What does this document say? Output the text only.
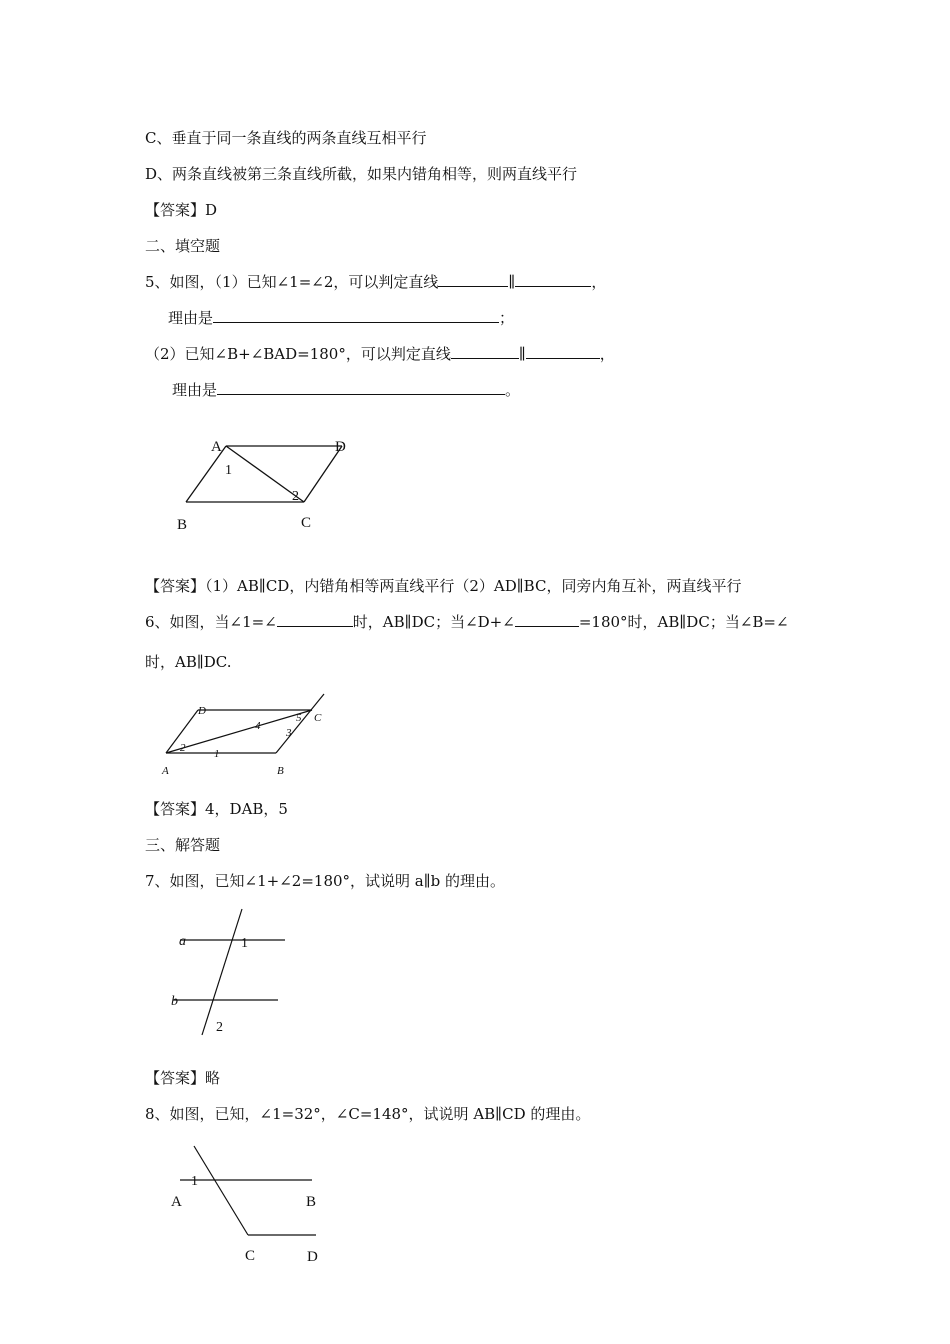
C、垂直于同一条直线的两条直线互相平行
D、两条直线被第三条直线所截，如果内错角相等，则两直线平行
【答案】D
二、填空题
5、如图，（1）已知∠1=∠2，可以判定直线	∥	，
理由是	；
（2）已知∠B+∠BAD=180°，可以判定直线	∥	，
理由是	。
A	D
1
2
B	C
【答案】（1）AB∥CD，内错角相等两直线平行（2）AD∥BC，同旁内角互补，两直线平行
6、如图，当∠1=∠	时，AB∥DC；当∠D+∠	=180°时，AB∥DC；当∠B=∠
时，AB∥DC.
D
C
A	B
4
5
3
2	1
【答案】4，DAB，5
三、解答题
7、如图，已知∠1+∠2=180°，试说明 a∥b 的理由。
a
b
1
2
【答案】略
8、如图，已知，∠1=32°，∠C=148°，试说明 AB∥CD 的理由。
1
A	B
C	D
